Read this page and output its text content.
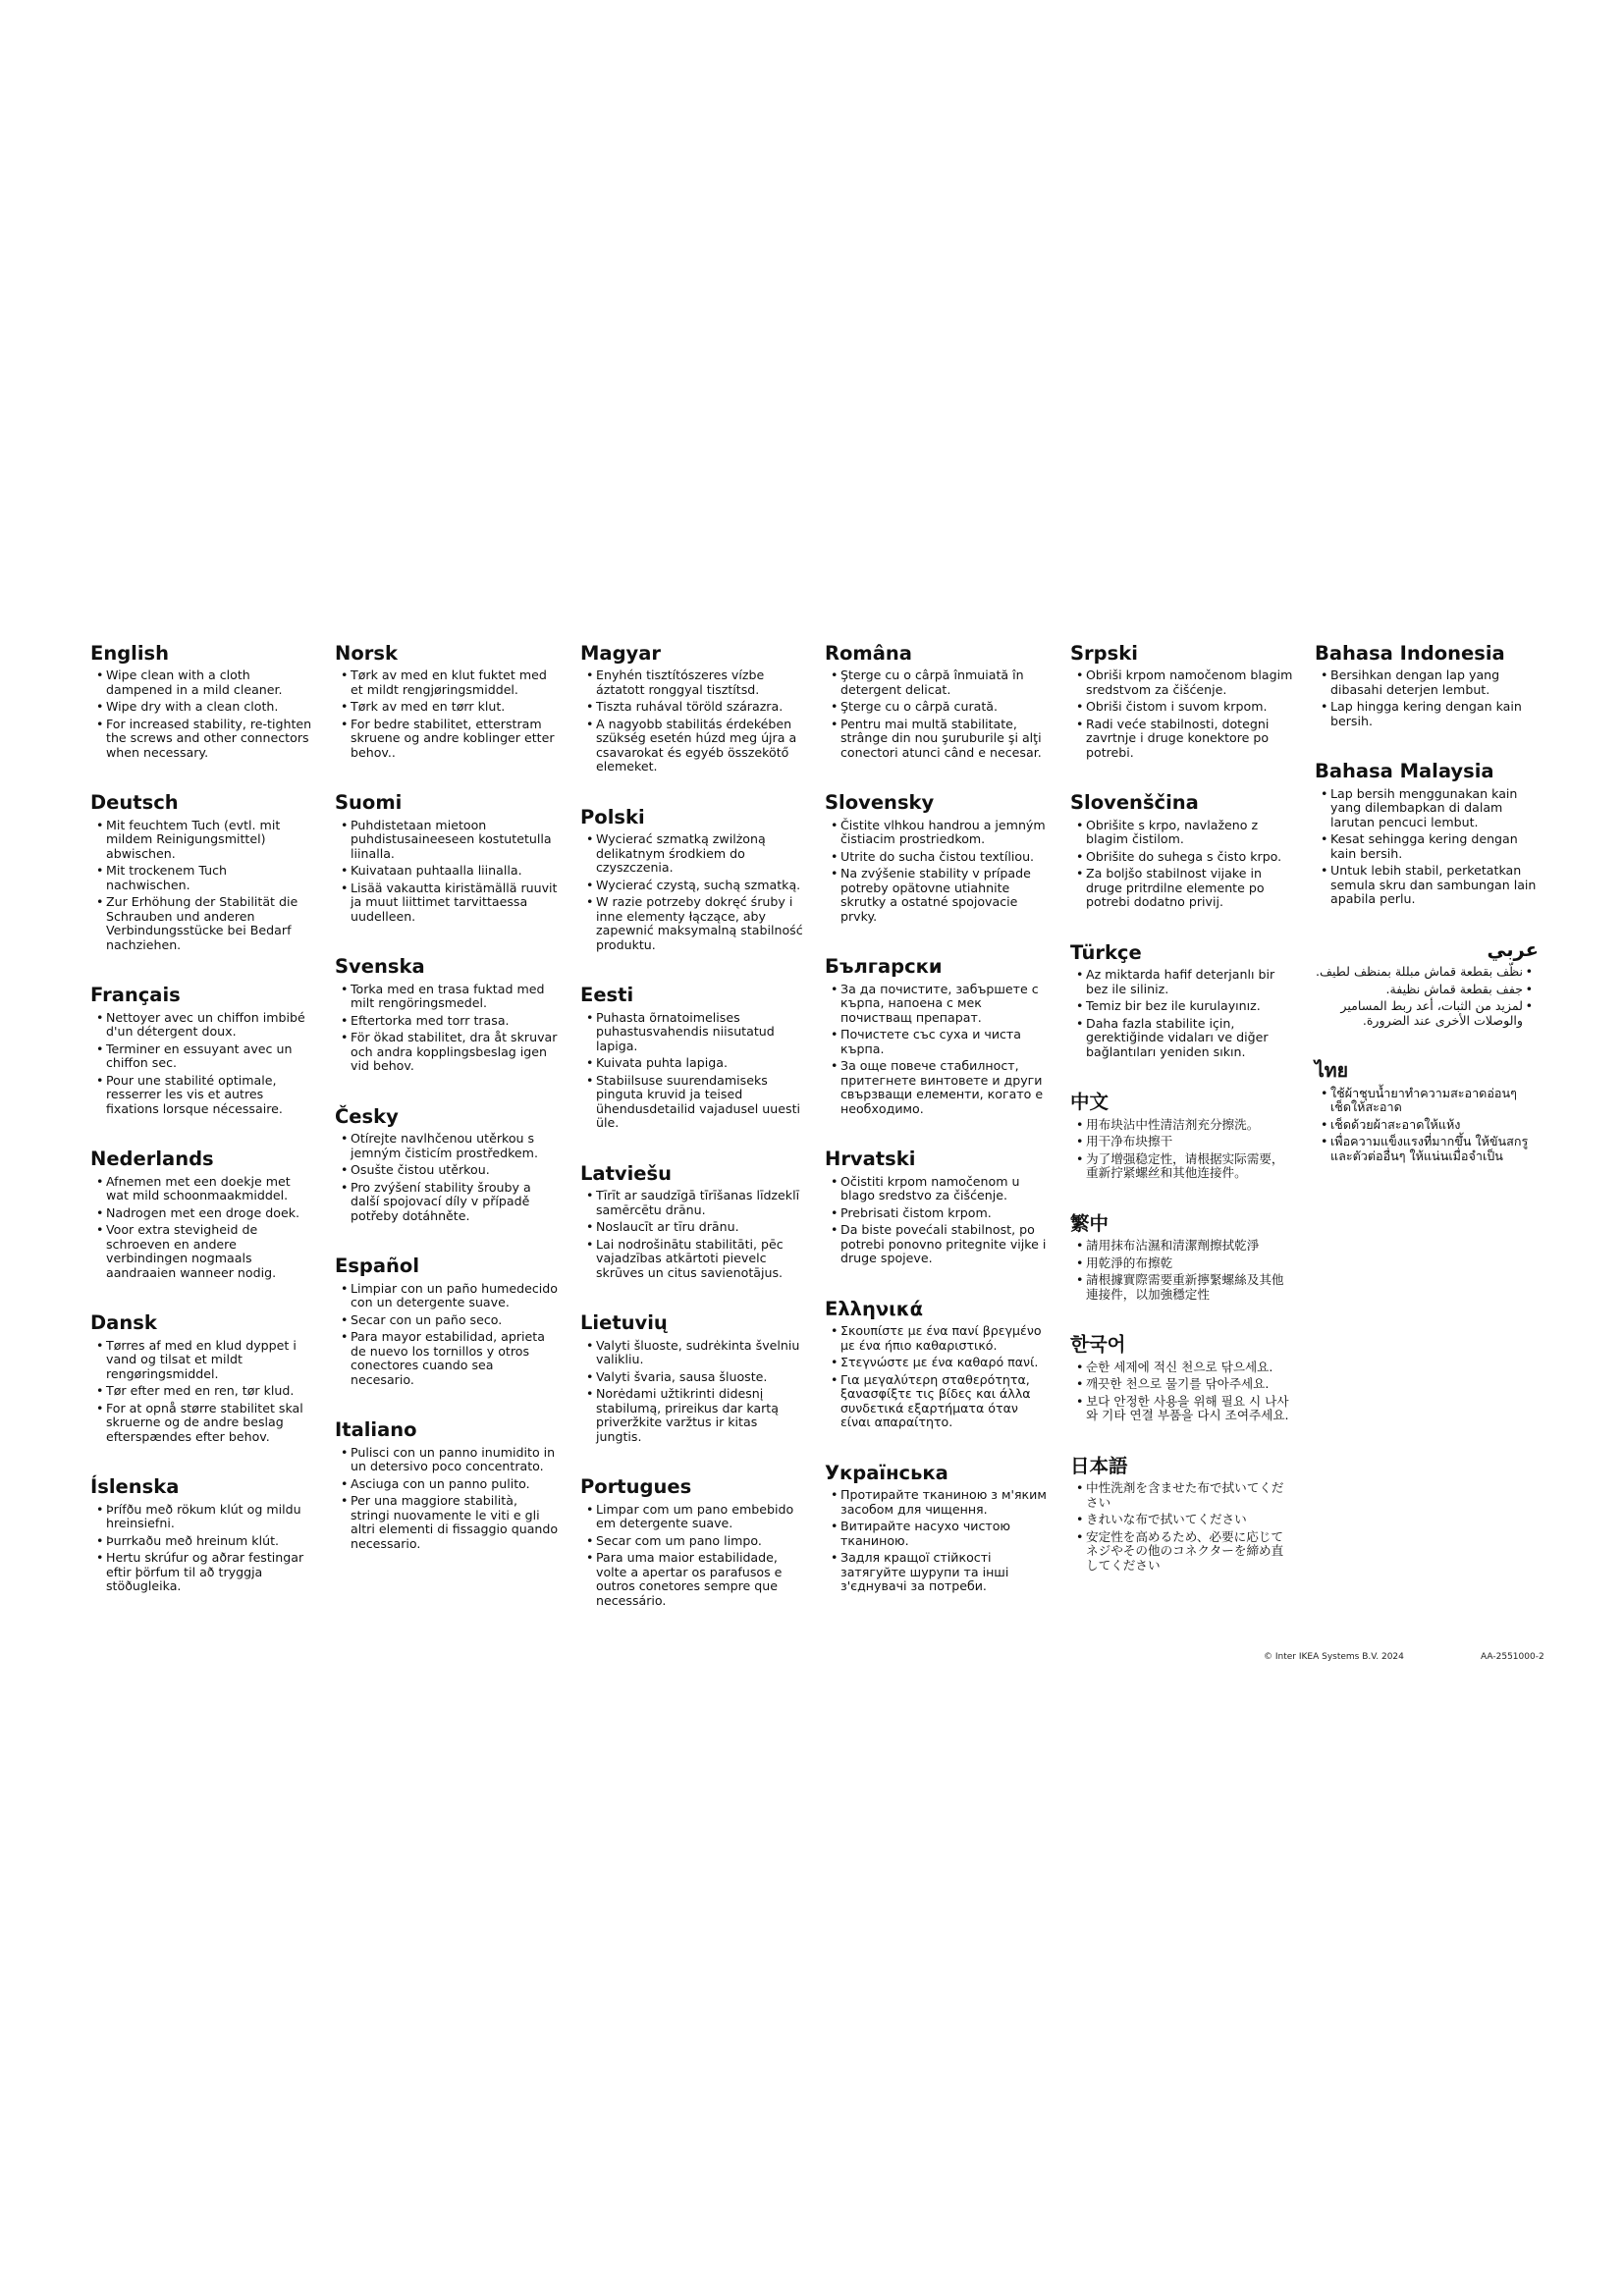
English
• Wipe clean with a cloth dampened in a mild cleaner.
• Wipe dry with a clean cloth.
• For increased stability, re-tighten the screws and other connectors when necessary.
Deutsch
• Mit feuchtem Tuch (evtl. mit mildem Reinigungsmittel) abwischen.
• Mit trockenem Tuch nachwischen.
• Zur Erhöhung der Stabilität die Schrauben und anderen Verbindungsstücke bei Bedarf nachziehen.
Français
• Nettoyer avec un chiffon imbibé d'un détergent doux.
• Terminer en essuyant avec un chiffon sec.
• Pour une stabilité optimale, resserrer les vis et autres fixations lorsque nécessaire.
Nederlands
• Afnemen met een doekje met wat mild schoonmaakmiddel.
• Nadrogen met een droge doek.
• Voor extra stevigheid de schroeven en andere verbindingen nogmaals aandraaien wanneer nodig.
Dansk
• Tørres af med en klud dyppet i vand og tilsat et mildt rengøringsmiddel.
• Tør efter med en ren, tør klud.
• For at opnå større stabilitet skal skruerne og de andre beslag efterspændes efter behov.
Íslenska
• Þrífðu með rökum klút og mildu hreinsiefni.
• Þurrkaðu með hreinum klút.
• Hertu skrúfur og aðrar festingar eftir þörfum til að tryggja stöðugleika.
Norsk
• Tørk av med en klut fuktet med et mildt rengjøringsmiddel.
• Tørk av med en tørr klut.
• For bedre stabilitet, etterstram skruene og andre koblinger etter behov..
Suomi
• Puhdistetaan mietoon puhdistusaineeseen kostutetulla liinalla.
• Kuivataan puhtaalla liinalla.
• Lisää vakautta kiristämällä ruuvit ja muut liittimet tarvittaessa uudelleen.
Svenska
• Torka med en trasa fuktad med milt rengöringsmedel.
• Eftertorka med torr trasa.
• För ökad stabilitet, dra åt skruvar och andra kopplingsbeslag igen vid behov.
Česky
• Otírejte navlhčenou utěrkou s jemným čisticím prostředkem.
• Osušte čistou utěrkou.
• Pro zvýšení stability šrouby a další spojovací díly v případě potřeby dotáhněte.
Español
• Limpiar con un paño humedecido con un detergente suave.
• Secar con un paño seco.
• Para mayor estabilidad, aprieta de nuevo los tornillos y otros conectores cuando sea necesario.
Italiano
• Pulisci con un panno inumidito in un detersivo poco concentrato.
• Asciuga con un panno pulito.
• Per una maggiore stabilità, stringi nuovamente le viti e gli altri elementi di fissaggio quando necessario.
Magyar
• Enyhén tisztítószeres vízbe áztatott ronggyal tisztítsd.
• Tiszta ruhával töröld szárazra.
• A nagyobb stabilitás érdekében szükség esetén húzd meg újra a csavarokat és egyéb összekötő elemeket.
Polski
• Wycierać szmatką zwilżoną delikatnym środkiem do czyszczenia.
• Wycierać czystą, suchą szmatką.
• W razie potrzeby dokręć śruby i inne elementy łączące, aby zapewnić maksymalną stabilność produktu.
Eesti
• Puhasta õrnatoimelises puhastusvahendis niisutatud lapiga.
• Kuivata puhta lapiga.
• Stabiilsuse suurendamiseks pinguta kruvid ja teised ühendusdetailid vajadusel uuesti üle.
Latviešu
• Tīrīt ar saudzīgā tīrīšanas līdzeklī samērcētu drānu.
• Noslaucīt ar tīru drānu.
• Lai nodrošinātu stabilitāti, pēc vajadzības atkārtoti pievelc skrūves un citus savienotājus.
Lietuvių
• Valyti šluoste, sudrėkinta švelniu valikliu.
• Valyti švaria, sausa šluoste.
• Norėdami užtikrinti didesnį stabilumą, prireikus dar kartą priveržkite varžtus ir kitas jungtis.
Portugues
• Limpar com um pano embebido em detergente suave.
• Secar com um pano limpo.
• Para uma maior estabilidade, volte a apertar os parafusos e outros conetores sempre que necessário.
Româna
• Şterge cu o cârpă înmuiată în detergent delicat.
• Şterge cu o cârpă curată.
• Pentru mai multă stabilitate, strânge din nou şuruburile şi alţi conectori atunci când e necesar.
Slovensky
• Čistite vlhkou handrou a jemným čistiacim prostriedkom.
• Utrite do sucha čistou textíliou.
• Na zvýšenie stability v prípade potreby opätovne utiahnite skrutky a ostatné spojovacie prvky.
Български
• За да почистите, забършете с кърпа, напоена с мек почистващ препарат.
• Почистете със суха и чиста кърпа.
• За още повече стабилност, притегнете винтовете и други свързващи елементи, когато е необходимо.
Hrvatski
• Očistiti krpom namočenom u blago sredstvo za čišćenje.
• Prebrisati čistom krpom.
• Da biste povećali stabilnost, po potrebi ponovno pritegnite vijke i druge spojeve.
Ελληνικά
• Σκουπίστε με ένα πανί βρεγμένο με ένα ήπιο καθαριστικό.
• Στεγνώστε με ένα καθαρό πανί.
• Για μεγαλύτερη σταθερότητα, ξανασφίξτε τις βίδες και άλλα συνδετικά εξαρτήματα όταν είναι απαραίτητο.
Українська
• Протирайте тканиною з м'яким засобом для чищення.
• Витирайте насухо чистою тканиною.
• Задля кращої стійкості затягуйте шурупи та інші з'єднувачі за потреби.
Srpski
• Obriši krpom namočenom blagim sredstvom za čišćenje.
• Obriši čistom i suvom krpom.
• Radi veće stabilnosti, dotegni zavrtnje i druge konektore po potrebi.
Slovenščina
• Obrišite s krpo, navlaženo z blagim čistilom.
• Obrišite do suhega s čisto krpo.
• Za boljšo stabilnost vijake in druge pritrdilne elemente po potrebi dodatno privij.
Türkçe
• Az miktarda hafif deterjanlı bir bez ile siliniz.
• Temiz bir bez ile kurulayınız.
• Daha fazla stabilite için, gerektiğinde vidaları ve diğer bağlantıları yeniden sıkın.
中文
• 用布块沾中性清洁剂充分擦洗。
• 用干净布块擦干
• 为了增强稳定性，请根据实际需要，重新拧紧螺丝和其他连接件。
繁中
• 請用抹布沾濕和清潔劑擦拭乾淨
• 用乾淨的布擦乾
• 請根據實際需要重新擰緊螺絲及其他連接件，以加強穩定性
한국어
• 순한 세제에 적신 천으로 닦으세요.
• 깨끗한 천으로 물기를 닦아주세요.
• 보다 안정한 사용을 위해 필요 시 나사와 기타 연결 부품을 다시 조여주세요.
日本語
• 中性洗剤を含ませた布で拭いてください
• きれいな布で拭いてください
• 安定性を高めるため、必要に応じてネジやその他のコネクターを締め直してください
Bahasa Indonesia
• Bersihkan dengan lap yang dibasahi deterjen lembut.
• Lap hingga kering dengan kain bersih.
Bahasa Malaysia
• Lap bersih menggunakan kain yang dilembapkan di dalam larutan pencuci lembut.
• Kesat sehingga kering dengan kain bersih.
• Untuk lebih stabil, perketatkan semula skru dan sambungan lain apabila perlu.
عربي
• نظّف بقطعة قماش مبللة بمنظف لطيف.
• جفف بقطعة قماش نظيفة.
• لمزيد من الثبات، أعد ربط المسامير والوصلات الأخرى عند الضرورة.
ไทย
• ใช้ผ้าชุบน้ำยาทำความสะอาดอ่อนๆ เช็ดให้สะอาด
• เช็ดด้วยผ้าสะอาดให้แห้ง
• เพื่อความแข็งแรงที่มากขึ้น ให้ขันสกรูและตัวต่ออื่นๆ ให้แน่นเมื่อจำเป็น
© Inter IKEA Systems B.V. 2024	AA-2551000-2
